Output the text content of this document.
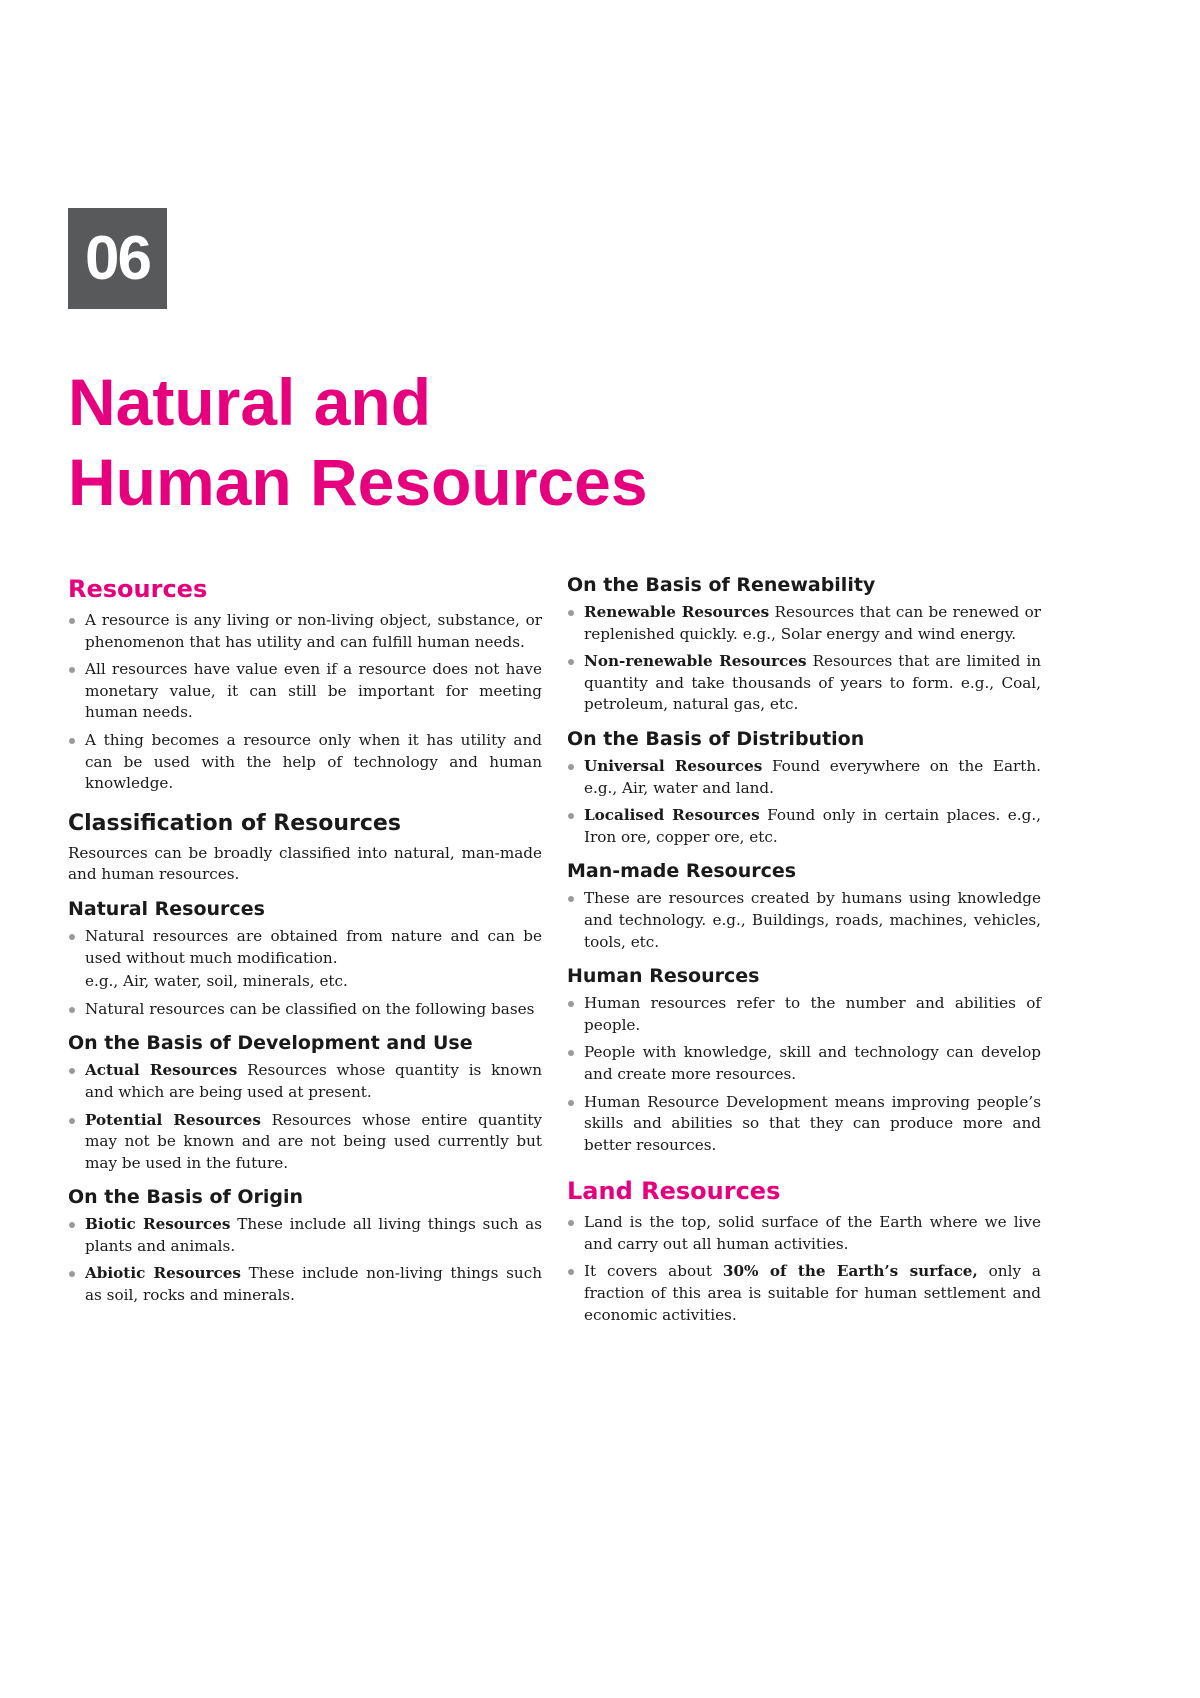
06
Natural and
Human Resources
Resources
A resource is any living or non-living object, substance, or phenomenon that has utility and can fulfill human needs.
All resources have value even if a resource does not have monetary value, it can still be important for meeting human needs.
A thing becomes a resource only when it has utility and can be used with the help of technology and human knowledge.
Classification of Resources

Resources can be broadly classified into natural, man-made and human resources.

Natural Resources
Natural resources are obtained from nature and can be used without much modification.
e.g., Air, water, soil, minerals, etc.
Natural resources can be classified on the following bases
On the Basis of Development and Use
Actual Resources Resources whose quantity is known and which are being used at present.
Potential Resources Resources whose entire quantity may not be known and are not being used currently but may be used in the future.
On the Basis of Origin
Biotic Resources These include all living things such as plants and animals.
Abiotic Resources These include non-living things such as soil, rocks and minerals.
On the Basis of Renewability
Renewable Resources Resources that can be renewed or replenished quickly. e.g., Solar energy and wind energy.
Non-renewable Resources Resources that are limited in quantity and take thousands of years to form. e.g., Coal, petroleum, natural gas, etc.
On the Basis of Distribution
Universal Resources Found everywhere on the Earth. e.g., Air, water and land.
Localised Resources Found only in certain places. e.g., Iron ore, copper ore, etc.
Man-made Resources
These are resources created by humans using knowledge and technology. e.g., Buildings, roads, machines, vehicles, tools, etc.
Human Resources
Human resources refer to the number and abilities of people.
People with knowledge, skill and technology can develop and create more resources.
Human Resource Development means improving people’s skills and abilities so that they can produce more and better resources.
Land Resources
Land is the top, solid surface of the Earth where we live and carry out all human activities.
It covers about 30% of the Earth’s surface, only a fraction of this area is suitable for human settlement and economic activities.
